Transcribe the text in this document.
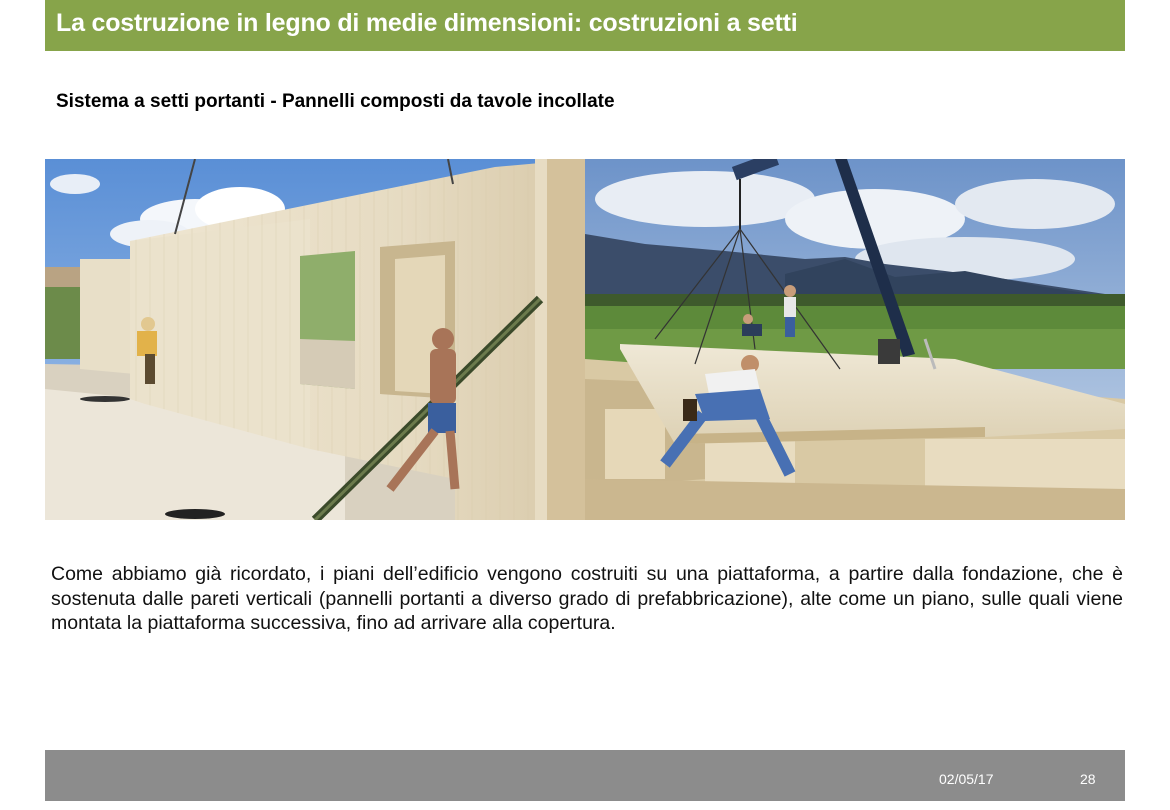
La costruzione in legno di medie dimensioni: costruzioni a setti
Sistema a setti portanti - Pannelli composti da tavole incollate
Come abbiamo già ricordato, i piani dell’edificio vengono costruiti su una piattaforma, a partire dalla fondazione, che è sostenuta dalle pareti verticali (pannelli portanti a diverso grado di prefabbricazione), alte come un piano, sulle quali viene montata la piattaforma successiva, fino ad arrivare alla copertura.
02/05/17	28
